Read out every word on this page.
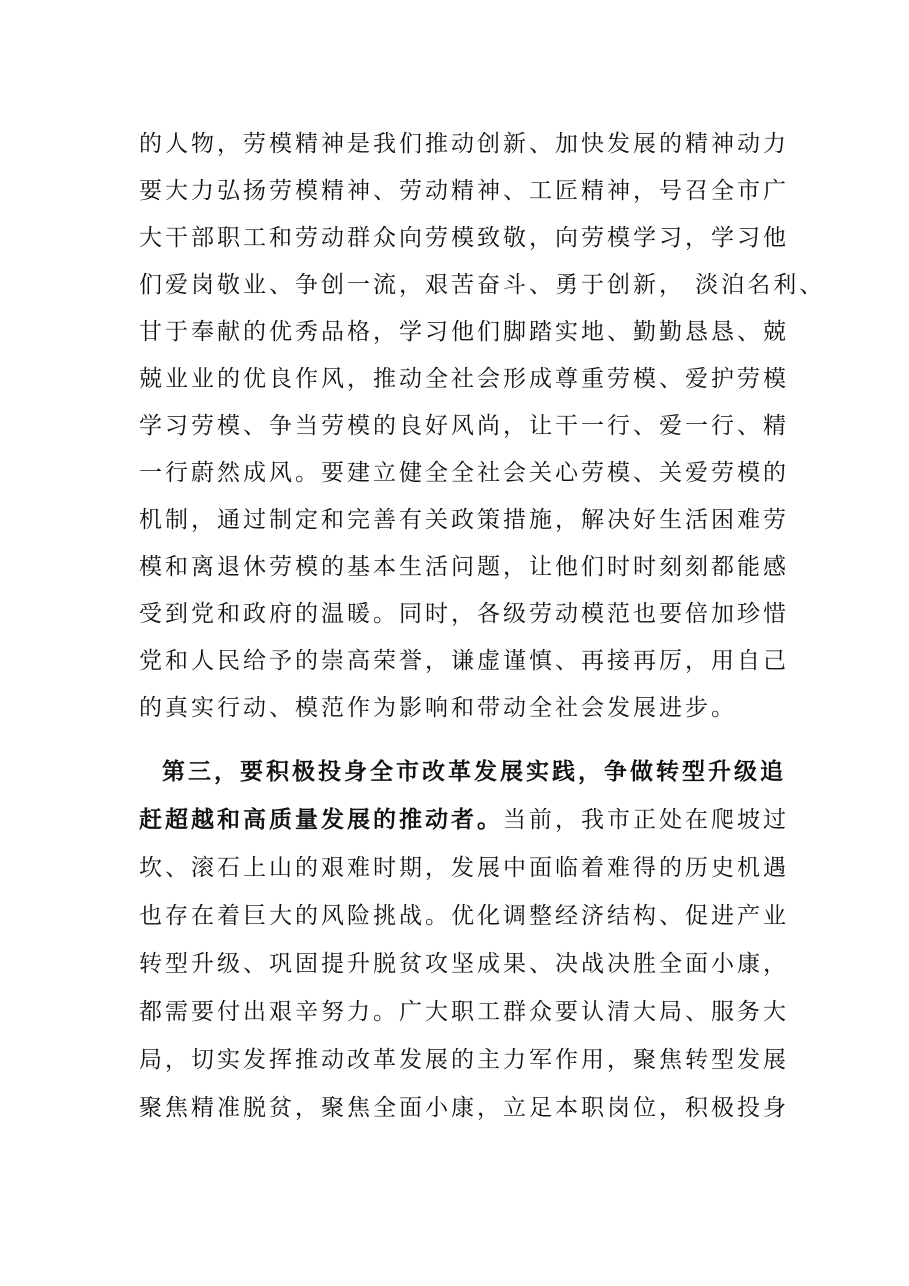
的人物，劳模精神是我们推动创新、加快发展的精神动力
要大力弘扬劳模精神、劳动精神、工匠精神，号召全市广
大干部职工和劳动群众向劳模致敬，向劳模学习，学习他
们爱岗敬业、争创一流，艰苦奋斗、勇于创新， 淡泊名利、
甘于奉献的优秀品格，学习他们脚踏实地、勤勤恳恳、兢
兢业业的优良作风，推动全社会形成尊重劳模、爱护劳模
学习劳模、争当劳模的良好风尚，让干一行、爱一行、精
一行蔚然成风。要建立健全全社会关心劳模、关爱劳模的
机制，通过制定和完善有关政策措施，解决好生活困难劳
模和离退休劳模的基本生活问题，让他们时时刻刻都能感
受到党和政府的温暖。同时，各级劳动模范也要倍加珍惜
党和人民给予的崇高荣誉，谦虚谨慎、再接再厉，用自己
的真实行动、模范作为影响和带动全社会发展进步。
第三，要积极投身全市改革发展实践，争做转型升级追
赶超越和高质量发展的推动者。当前，我市正处在爬坡过
坎、滚石上山的艰难时期，发展中面临着难得的历史机遇
也存在着巨大的风险挑战。优化调整经济结构、促进产业
转型升级、巩固提升脱贫攻坚成果、决战决胜全面小康，
都需要付出艰辛努力。广大职工群众要认清大局、服务大
局，切实发挥推动改革发展的主力军作用，聚焦转型发展
聚焦精准脱贫，聚焦全面小康，立足本职岗位，积极投身
